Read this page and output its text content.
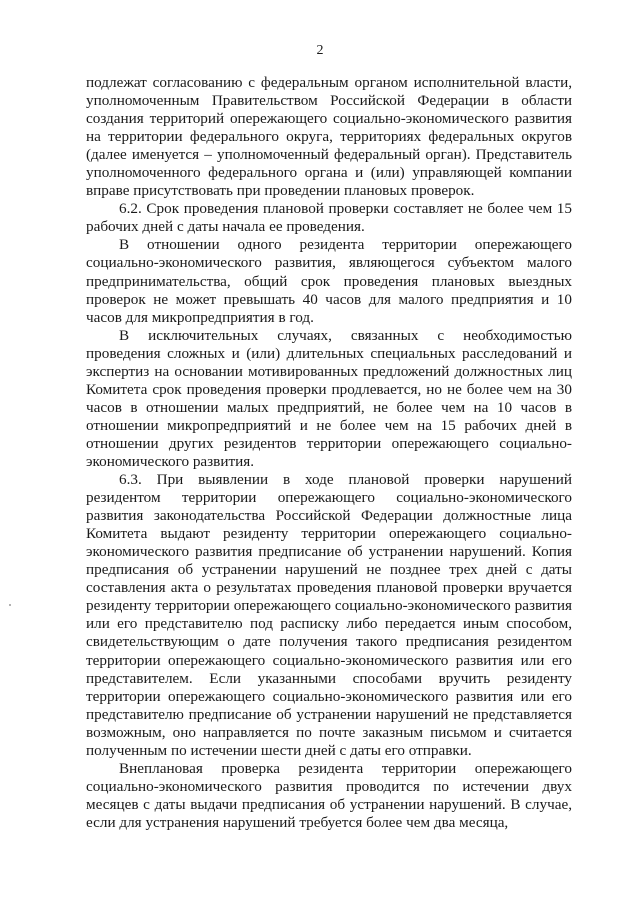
2

подлежат согласованию с федеральным органом исполнительной власти, уполномоченным Правительством Российской Федерации в области создания территорий опережающего социально-экономического развития на территории федерального округа, территориях федеральных округов (далее именуется – уполномоченный федеральный орган). Представитель уполномоченного федерального органа и (или) управляющей компании вправе присутствовать при проведении плановых проверок.

6.2. Срок проведения плановой проверки составляет не более чем 15 рабочих дней с даты начала ее проведения.

В отношении одного резидента территории опережающего социально-экономического развития, являющегося субъектом малого предпринимательства, общий срок проведения плановых выездных проверок не может превышать 40 часов для малого предприятия и 10 часов для микропредприятия в год.

В исключительных случаях, связанных с необходимостью проведения сложных и (или) длительных специальных расследований и экспертиз на основании мотивированных предложений должностных лиц Комитета срок проведения проверки продлевается, но не более чем на 30 часов в отношении малых предприятий, не более чем на 10 часов в отношении микропредприятий и не более чем на 15 рабочих дней в отношении других резидентов территории опережающего социально-экономического развития.

6.3. При выявлении в ходе плановой проверки нарушений резидентом территории опережающего социально-экономического развития законодательства Российской Федерации должностные лица Комитета выдают резиденту территории опережающего социально-экономического развития предписание об устранении нарушений. Копия предписания об устранении нарушений не позднее трех дней с даты составления акта о результатах проведения плановой проверки вручается резиденту территории опережающего социально-экономического развития или его представителю под расписку либо передается иным способом, свидетельствующим о дате получения такого предписания резидентом территории опережающего социально-экономического развития или его представителем. Если указанными способами вручить резиденту территории опережающего социально-экономического развития или его представителю предписание об устранении нарушений не представляется возможным, оно направляется по почте заказным письмом и считается полученным по истечении шести дней с даты его отправки.

Внеплановая проверка резидента территории опережающего социально-экономического развития проводится по истечении двух месяцев с даты выдачи предписания об устранении нарушений. В случае, если для устранения нарушений требуется более чем два месяца,
